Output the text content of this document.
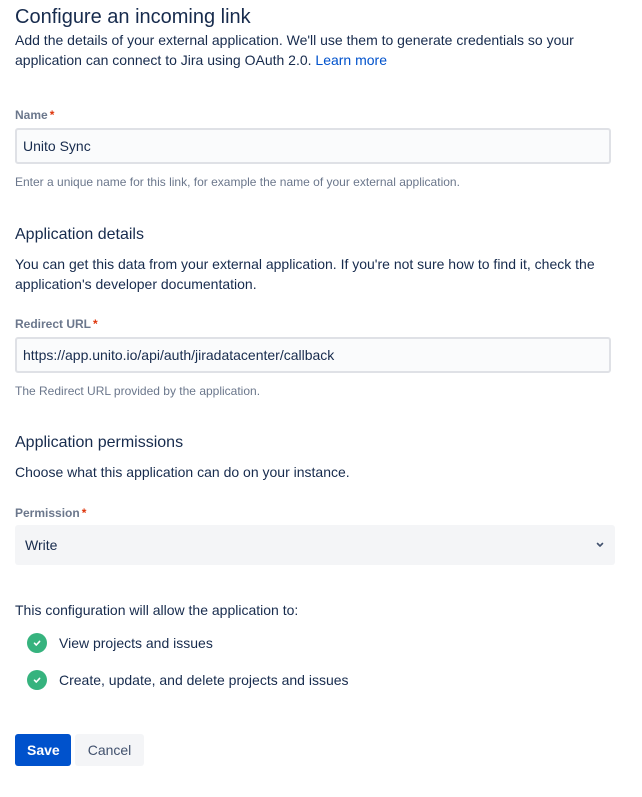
Configure an incoming link

Add the details of your external application. We'll use them to generate credentials so your application can connect to Jira using OAuth 2.0. Learn more

Name *
Unito Sync
Enter a unique name for this link, for example the name of your external application.
Application details

You can get this data from your external application. If you're not sure how to find it, check the application's developer documentation.

Redirect URL *
https://app.unito.io/api/auth/jiradatacenter/callback
The Redirect URL provided by the application.
Application permissions

Choose what this application can do on your instance.

Permission *
Write

This configuration will allow the application to:

View projects and issues
Create, update, and delete projects and issues
Save	Cancel
